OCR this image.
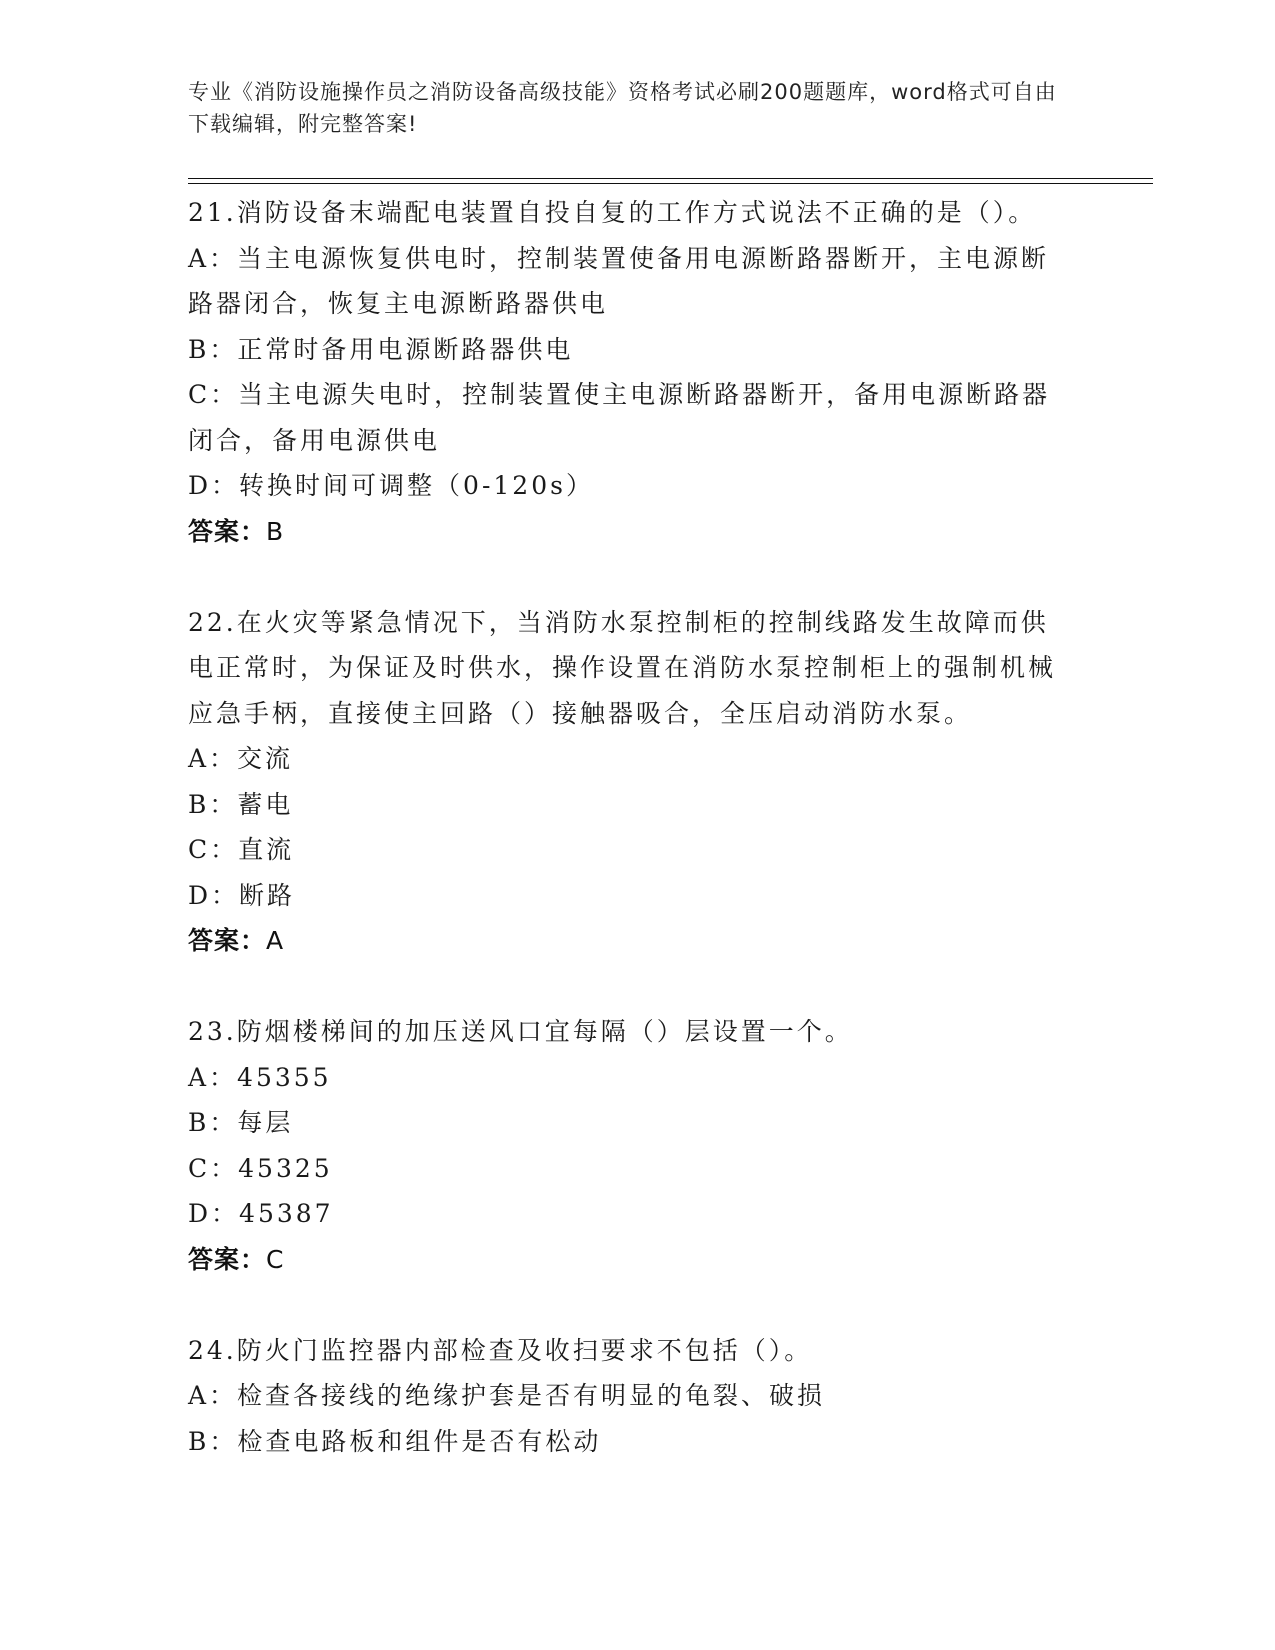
专业《消防设施操作员之消防设备高级技能》资格考试必刷200题题库，word格式可自由下载编辑，附完整答案!

21.消防设备末端配电装置自投自复的工作方式说法不正确的是（）。

A：当主电源恢复供电时，控制装置使备用电源断路器断开，主电源断路器闭合，恢复主电源断路器供电

B：正常时备用电源断路器供电

C：当主电源失电时，控制装置使主电源断路器断开，备用电源断路器闭合，备用电源供电

D：转换时间可调整（0-120s）

答案：B

22.在火灾等紧急情况下，当消防水泵控制柜的控制线路发生故障而供电正常时，为保证及时供水，操作设置在消防水泵控制柜上的强制机械应急手柄，直接使主回路（）接触器吸合，全压启动消防水泵。

A：交流

B：蓄电

C：直流

D：断路

答案：A

23.防烟楼梯间的加压送风口宜每隔（）层设置一个。

A：45355

B：每层

C：45325

D：45387

答案：C

24.防火门监控器内部检查及收扫要求不包括（）。

A：检查各接线的绝缘护套是否有明显的龟裂、破损

B：检查电路板和组件是否有松动
